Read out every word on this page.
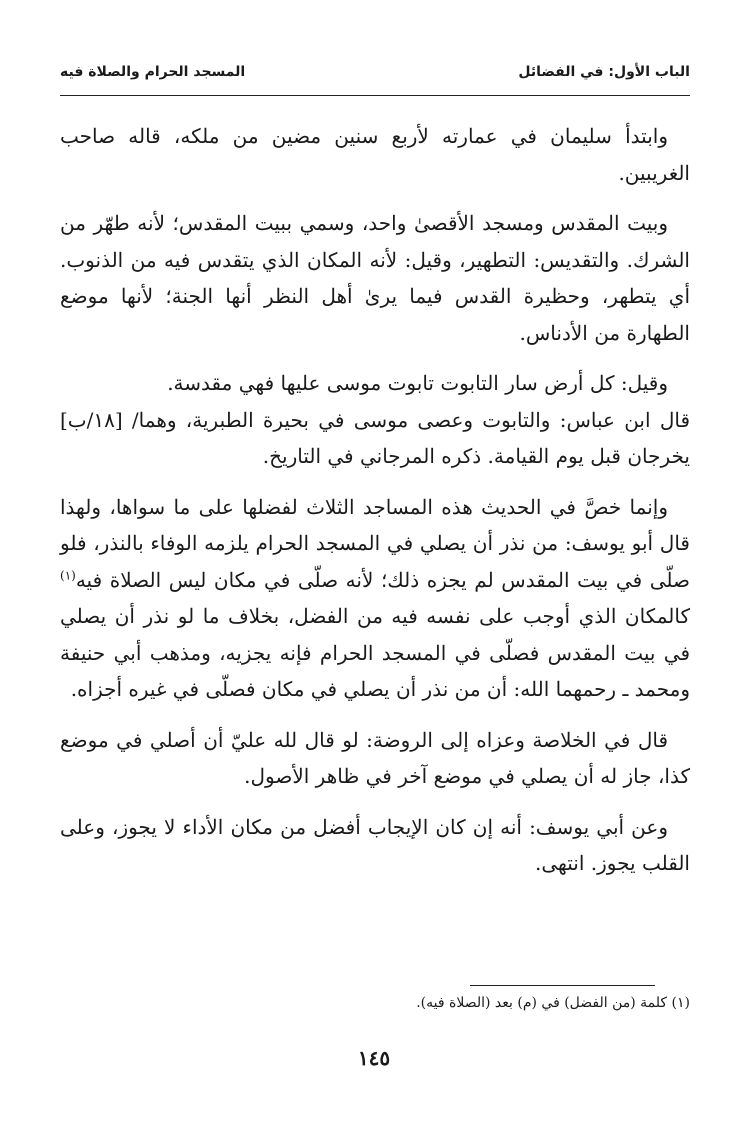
الباب الأول: في الفضائل
المسجد الحرام والصلاة فيه

وابتدأ سليمان في عمارته لأربع سنين مضين من ملكه، قاله صاحب الغريبين.

وبيت المقدس ومسجد الأقصىٰ واحد، وسمي ببيت المقدس؛ لأنه طهّر من الشرك. والتقديس: التطهير، وقيل: لأنه المكان الذي يتقدس فيه من الذنوب. أي يتطهر، وحظيرة القدس فيما يرىٰ أهل النظر أنها الجنة؛ لأنها موضع الطهارة من الأدناس.

وقيل: كل أرض سار التابوت تابوت موسى عليها فهي مقدسة.

قال ابن عباس: والتابوت وعصى موسى في بحيرة الطبرية، وهما/ [١٨/ب] يخرجان قبل يوم القيامة. ذكره المرجاني في التاريخ.

وإنما خصَّ في الحديث هذه المساجد الثلاث لفضلها على ما سواها، ولهذا قال أبو يوسف: من نذر أن يصلي في المسجد الحرام يلزمه الوفاء بالنذر، فلو صلّى في بيت المقدس لم يجزه ذلك؛ لأنه صلّى في مكان ليس الصلاة فيه$^{(١)}$ كالمكان الذي أوجب على نفسه فيه من الفضل، بخلاف ما لو نذر أن يصلي في بيت المقدس فصلّى في المسجد الحرام فإنه يجزيه، ومذهب أبي حنيفة ومحمد ـ رحمهما الله: أن من نذر أن يصلي في مكان فصلّى في غيره أجزاه.

قال في الخلاصة وعزاه إلى الروضة: لو قال لله عليّ أن أصلي في موضع كذا، جاز له أن يصلي في موضع آخر في ظاهر الأصول.

وعن أبي يوسف: أنه إن كان الإيجاب أفضل من مكان الأداء لا يجوز، وعلى القلب يجوز. انتهى.

(١) كلمة (من الفضل) في (م) بعد (الصلاة فيه).
١٤٥
